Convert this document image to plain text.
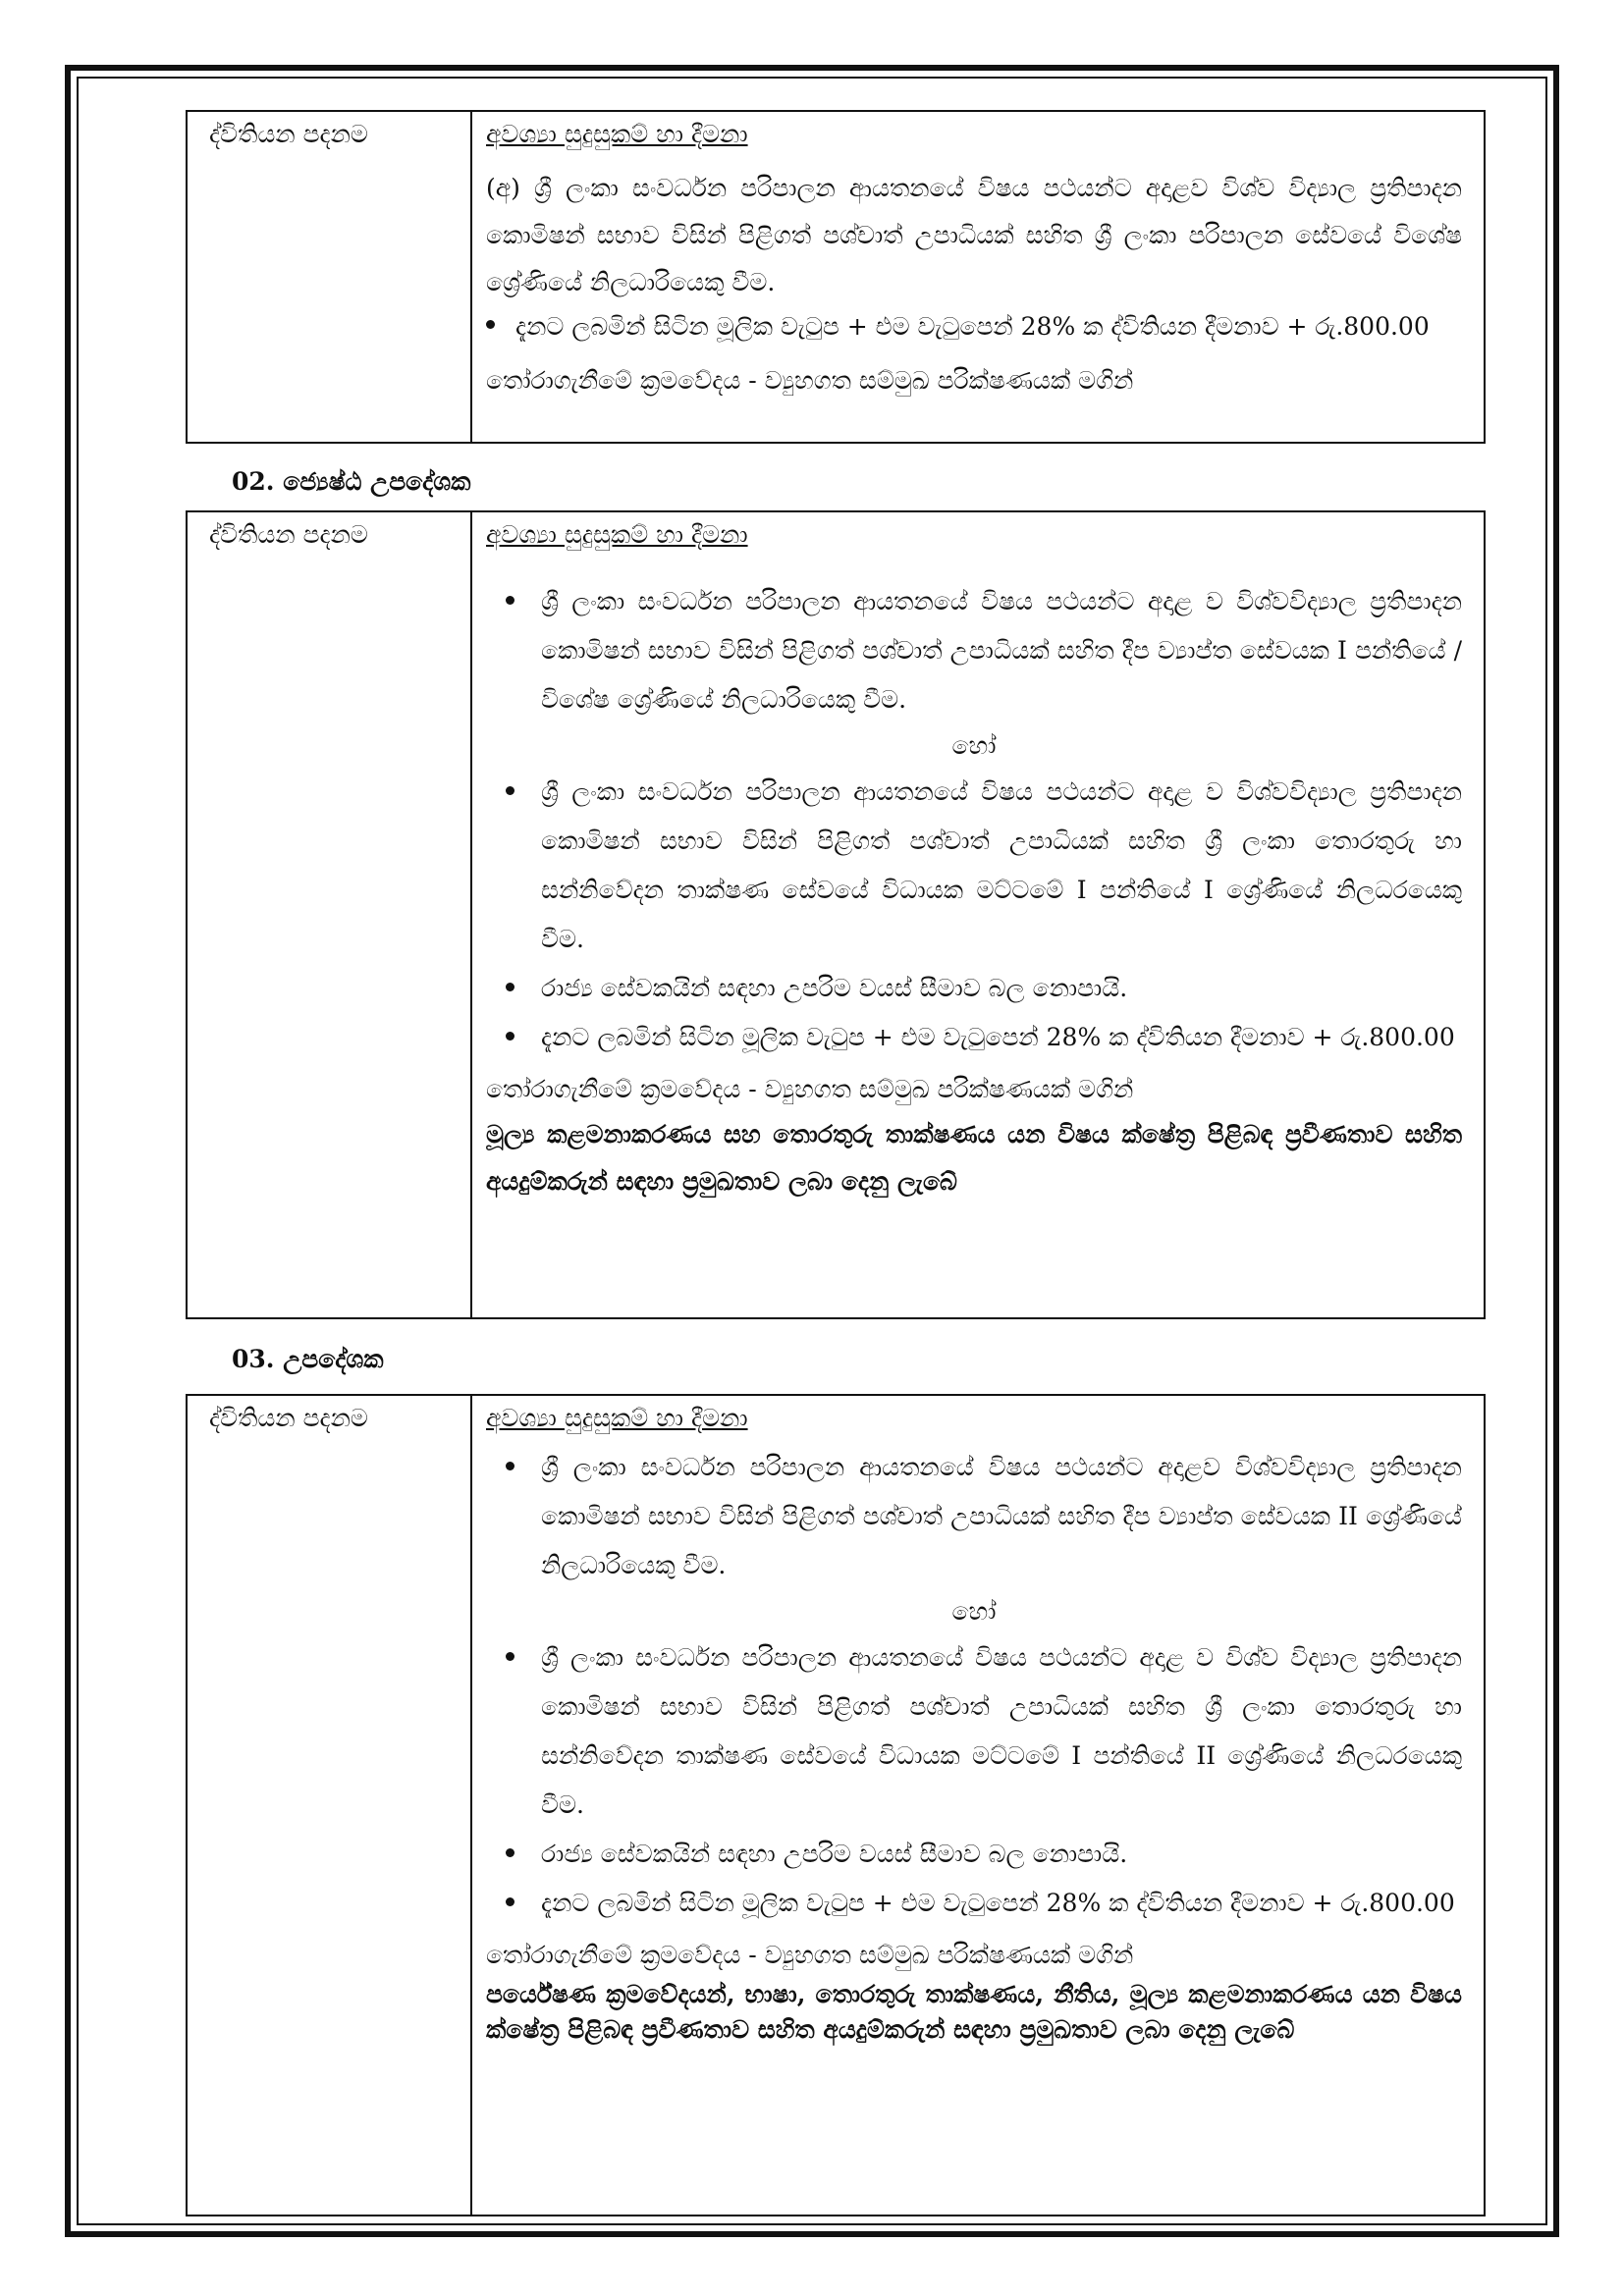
ද්විතියන පදනම	අවශ්‍යා සුදුසුකම් හා දීමනා
(අ) ශ්‍රී ලංකා සංවර්ධන පරිපාලන ආයතනයේ විෂය පථයන්ට අදාළව විශ්ව විද්‍යාල ප්‍රතිපාදන කොමිෂන් සභාව විසින් පිළිගත් පශ්චාත් උපාධියක් සහිත ශ්‍රී ලංකා පරිපාලන සේවයේ විශේෂ ශ්‍රේණියේ නිලධාරියෙකු වීම.
දැනට ලබමින් සිටින මූලික වැටුප + එම වැටුපෙන් 28% ක ද්විතියන දීමනාව + රු.800.00
තෝරාගැනීමේ ක්‍රමවේදය - ව්‍යුහගත සම්මුඛ පරික්ෂණයක් මගින්
02. ජ්‍යෙෂ්ඨ උපදේශක
ද්විතියන පදනම	අවශ්‍යා සුදුසුකම් හා දීමනා
ශ්‍රී ලංකා සංවර්ධන පරිපාලන ආයතනයේ විෂය පථයන්ට අදාළ ව විශ්වවිද්‍යාල ප්‍රතිපාදන කොමිෂන් සභාව විසින් පිළිගත් පශ්චාත් උපාධියක් සහිත දීප ව්‍යාප්ත සේවයක I පන්තියේ / විශේෂ ශ්‍රේණියේ නිලධාරියෙකු වීම.
හෝ
ශ්‍රී ලංකා සංවර්ධන පරිපාලන ආයතනයේ විෂය පථයන්ට අදාළ ව විශ්වවිද්‍යාල ප්‍රතිපාදන කොමිෂන් සභාව විසින් පිළිගත් පශ්චාත් උපාධියක් සහිත ශ්‍රී ලංකා තොරතුරු හා සන්නිවේදන තාක්ෂණ සේවයේ විධායක මට්ටමේ I පන්තියේ I ශ්‍රේණියේ නිලධරයෙකු වීම.
රාජ්‍ය සේවකයින් සඳහා උපරිම වයස් සීමාව බල නොපායි.
දැනට ලබමින් සිටින මූලික වැටුප + එම වැටුපෙන් 28% ක ද්විතියන දීමනාව + රු.800.00
තෝරාගැනීමේ ක්‍රමවේදය - ව්‍යුහගත සම්මුඛ පරික්ෂණයක් මගින්
මූල්‍ය කළමනාකරණය සහ තොරතුරු තාක්ෂණය යන විෂය ක්ෂේත්‍ර පිළිබඳ ප්‍රවීණතාව සහිත අයදුම්කරුන් සඳහා ප්‍රමුඛතාව ලබා දෙනු ලැබේ
03. උපදේශක
ද්විතියන පදනම	අවශ්‍යා සුදුසුකම් හා දීමනා
ශ්‍රී ලංකා සංවර්ධන පරිපාලන ආයතනයේ විෂය පථයන්ට අදාළව විශ්වවිද්‍යාල ප්‍රතිපාදන කොමිෂන් සභාව විසින් පිළිගත් පශ්චාත් උපාධියක් සහිත දීප ව්‍යාප්ත සේවයක II ශ්‍රේණියේ නිලධාරියෙකු වීම.
හෝ
ශ්‍රී ලංකා සංවර්ධන පරිපාලන ආයතනයේ විෂය පථයන්ට අදාළ ව විශ්ව විද්‍යාල ප්‍රතිපාදන කොමිෂන් සභාව විසින් පිළිගත් පශ්චාත් උපාධියක් සහිත ශ්‍රී ලංකා තොරතුරු හා සන්නිවේදන තාක්ෂණ සේවයේ විධායක මට්ටමේ I පන්තියේ II ශ්‍රේණියේ නිලධරයෙකු වීම.
රාජ්‍ය සේවකයින් සඳහා උපරිම වයස් සීමාව බල නොපායි.
දැනට ලබමින් සිටින මූලික වැටුප + එම වැටුපෙන් 28% ක ද්විතියන දීමනාව + රු.800.00
තෝරාගැනීමේ ක්‍රමවේදය - ව්‍යුහගත සම්මුඛ පරික්ෂණයක් මගින්
පර්යේෂණ ක්‍රමවේදයන්, භාෂා, තොරතුරු තාක්ෂණය, නීතිය, මූල්‍ය කළමනාකරණය යන විෂය ක්ෂේත්‍ර පිළිබඳ ප්‍රවීණතාව සහිත අයදුම්කරුන් සඳහා ප්‍රමුඛතාව ලබා දෙනු ලැබේ
